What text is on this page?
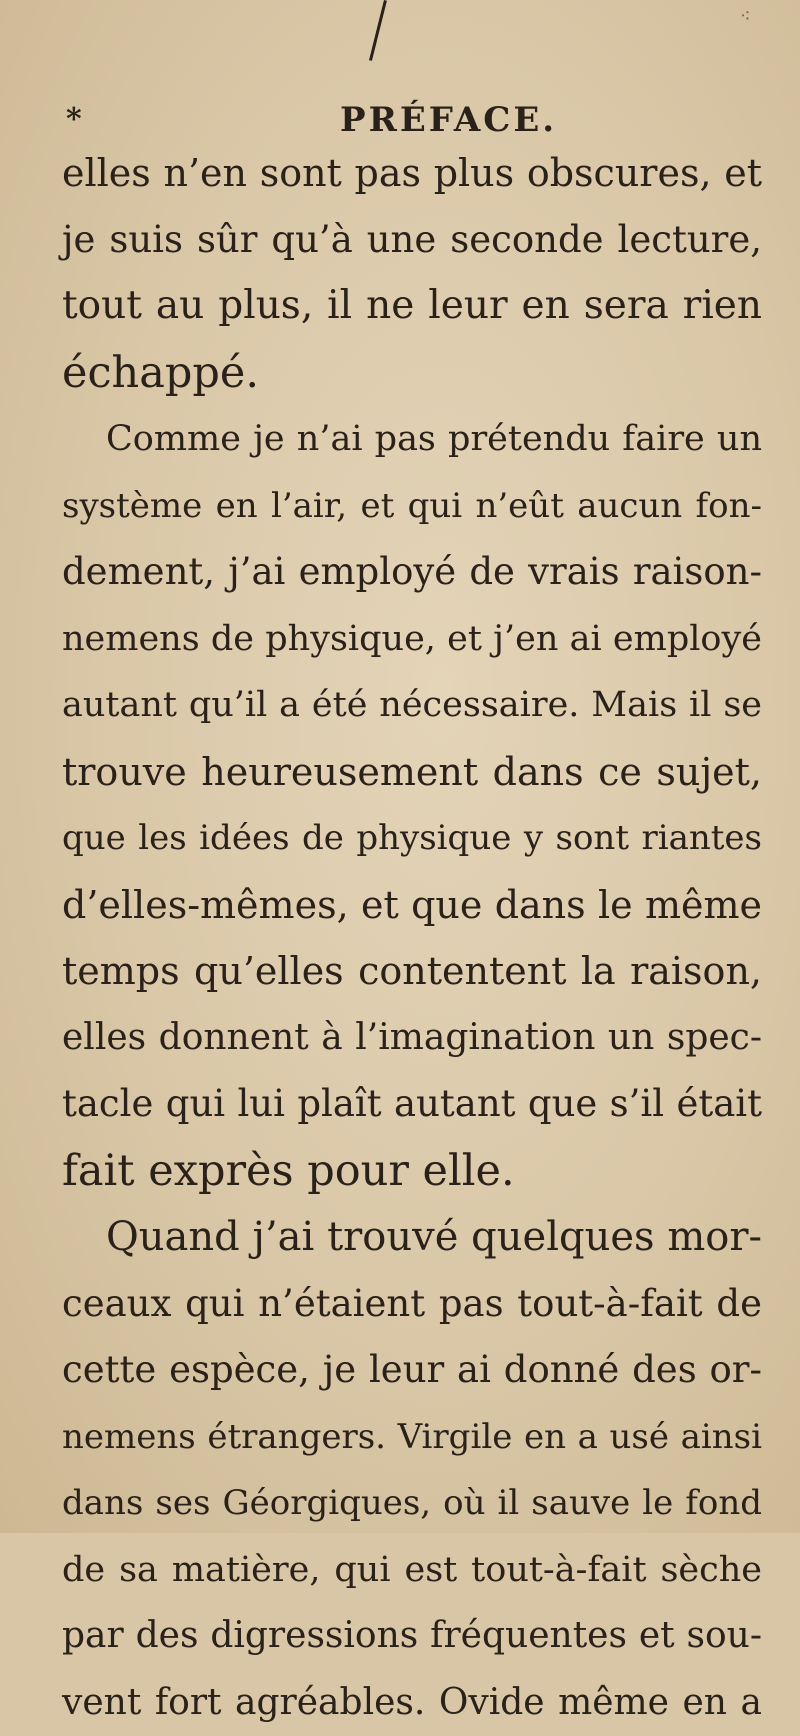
⁖
*	PRÉFACE.
elles n’en sont pas plus obscures, et
je suis sûr qu’à une seconde lecture,
tout au plus, il ne leur en sera rien
échappé.
Comme je n’ai pas prétendu faire un
système en l’air, et qui n’eût aucun fon-
dement, j’ai employé de vrais raison-
nemens de physique, et j’en ai employé
autant qu’il a été nécessaire. Mais il se
trouve heureusement dans ce sujet,
que les idées de physique y sont riantes
d’elles-mêmes, et que dans le même
temps qu’elles contentent la raison,
elles donnent à l’imagination un spec-
tacle qui lui plaît autant que s’il était
fait exprès pour elle.
Quand j’ai trouvé quelques mor-
ceaux qui n’étaient pas tout-à-fait de
cette espèce, je leur ai donné des or-
nemens étrangers. Virgile en a usé ainsi
dans ses Géorgiques, où il sauve le fond
de sa matière, qui est tout-à-fait sèche
par des digressions fréquentes et sou-
vent fort agréables. Ovide même en a
